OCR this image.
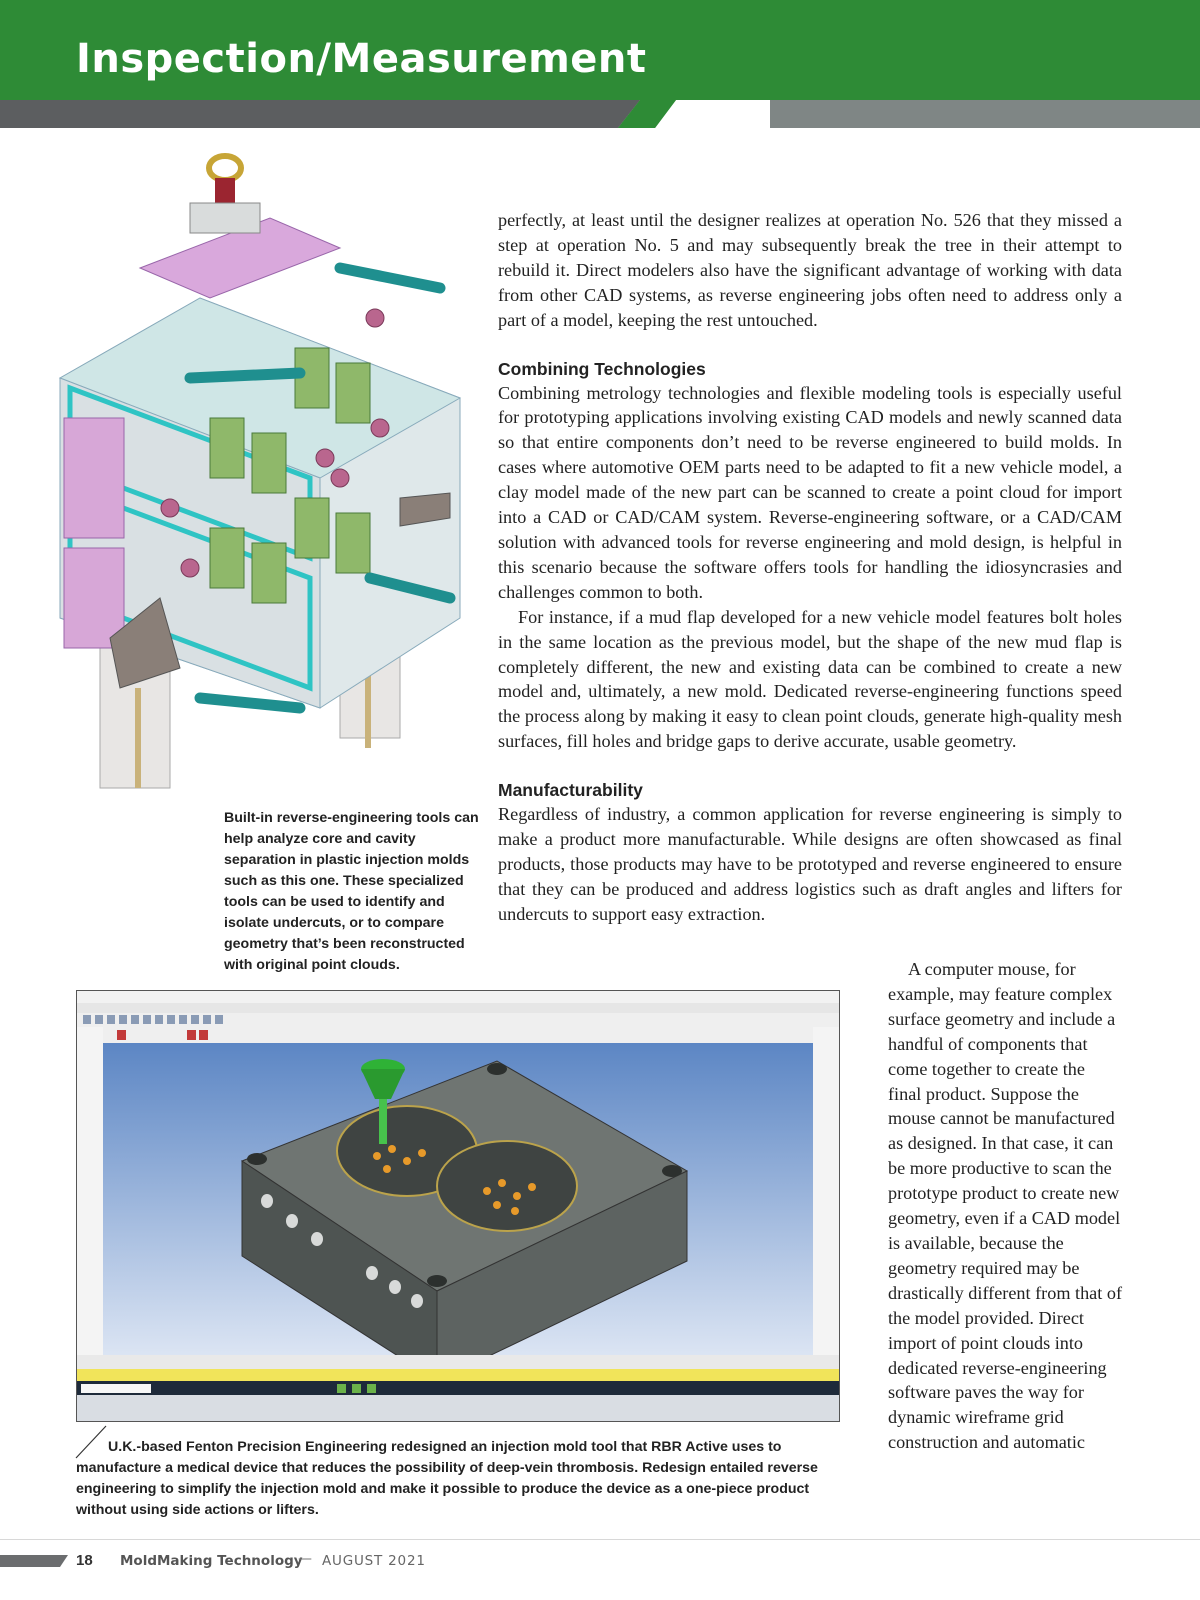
Inspection/Measurement
Built-in reverse-engineering tools can help analyze core and cavity separation in plastic injection molds such as this one. These specialized tools can be used to identify and isolate undercuts, or to compare geometry that’s been reconstructed with original point clouds.

perfectly, at least until the designer realizes at operation No. 526 that they missed a step at operation No. 5 and may subsequently break the tree in their attempt to rebuild it. Direct modelers also have the significant advantage of working with data from other CAD systems, as reverse engineering jobs often need to address only a part of a model, keeping the rest untouched.

Combining Technologies

Combining metrology technologies and flexible modeling tools is especially useful for prototyping applications involving existing CAD models and newly scanned data so that entire components don’t need to be reverse engineered to build molds. In cases where automotive OEM parts need to be adapted to fit a new vehicle model, a clay model made of the new part can be scanned to create a point cloud for import into a CAD or CAD/CAM system. Reverse-engineering software, or a CAD/CAM solution with advanced tools for reverse engineering and mold design, is helpful in this scenario because the software offers tools for handling the idiosyncrasies and challenges common to both.

For instance, if a mud flap developed for a new vehicle model features bolt holes in the same location as the previous model, but the shape of the new mud flap is completely different, the new and existing data can be combined to create a new model and, ultimately, a new mold. Dedicated reverse-engineering functions speed the process along by making it easy to clean point clouds, generate high-quality mesh surfaces, fill holes and bridge gaps to derive accurate, usable geometry.

Manufacturability

Regardless of industry, a common application for reverse engineering is simply to make a product more manufacturable. While designs are often showcased as final products, those products may have to be prototyped and reverse engineered to ensure that they can be produced and address logistics such as draft angles and lifters for undercuts to support easy extraction.

A computer mouse, for example, may feature complex surface geometry and include a handful of components that come together to create the final product. Suppose the mouse cannot be manufactured as designed. In that case, it can be more productive to scan the prototype product to create new geometry, even if a CAD model is available, because the geometry required may be drastically different from that of the model provided. Direct import of point clouds into dedicated reverse-engineering software paves the way for dynamic wireframe grid construction and automatic

U.K.-based Fenton Precision Engineering redesigned an injection mold tool that RBR Active uses to manufacture a medical device that reduces the possibility of deep-vein thrombosis. Redesign entailed reverse engineering to simplify the injection mold and make it possible to produce the device as a one-piece product without using side actions or lifters.
18 MoldMaking Technology
— AUGUST 2021
